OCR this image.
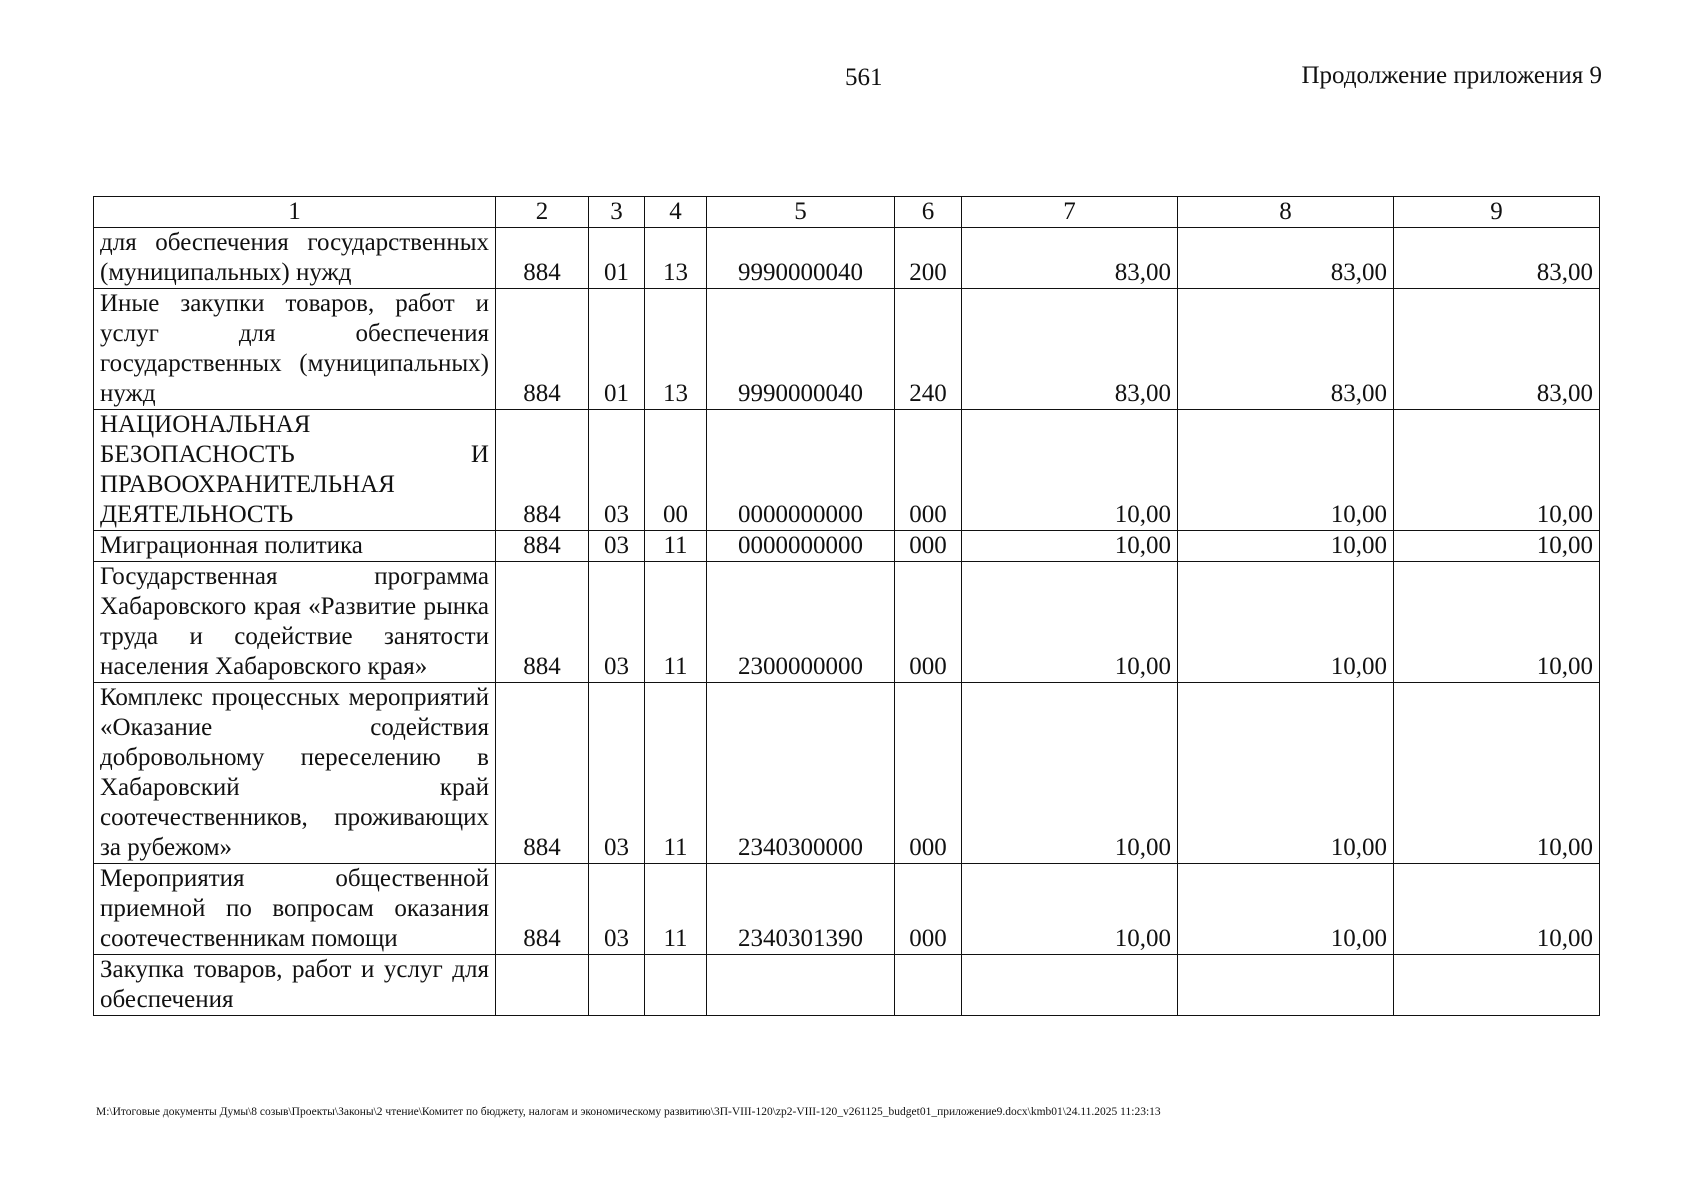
561	Продолжение приложения 9
1	2	3	4	5	6	7	8	9
для обеспечения государственных (муниципальных) нужд	884	01	13	9990000040	200	83,00	83,00	83,00
Иные закупки товаров, работ и услуг для обеспечения государственных (муниципальных) нужд	884	01	13	9990000040	240	83,00	83,00	83,00
НАЦИОНАЛЬНАЯ БЕЗОПАСНОСТЬ И ПРАВООХРАНИТЕЛЬНАЯ ДЕЯТЕЛЬНОСТЬ	884	03	00	0000000000	000	10,00	10,00	10,00
Миграционная политика	884	03	11	0000000000	000	10,00	10,00	10,00
Государственная программа Хабаровского края «Развитие рынка труда и содействие занятости населения Хабаровского края»	884	03	11	2300000000	000	10,00	10,00	10,00
Комплекс процессных мероприятий «Оказание содействия добровольному переселению в Хабаровский край соотечественников, проживающих за рубежом»	884	03	11	2340300000	000	10,00	10,00	10,00
Мероприятия общественной приемной по вопросам оказания соотечественникам помощи	884	03	11	2340301390	000	10,00	10,00	10,00
Закупка товаров, работ и услуг для обеспечения								
M:\Итоговые документы Думы\8 созыв\Проекты\Законы\2 чтение\Комитет по бюджету, налогам и экономическому развитию\3П-VIII-120\zp2-VIII-120_v261125_budget01_приложение9.docx\kmb01\24.11.2025 11:23:13
